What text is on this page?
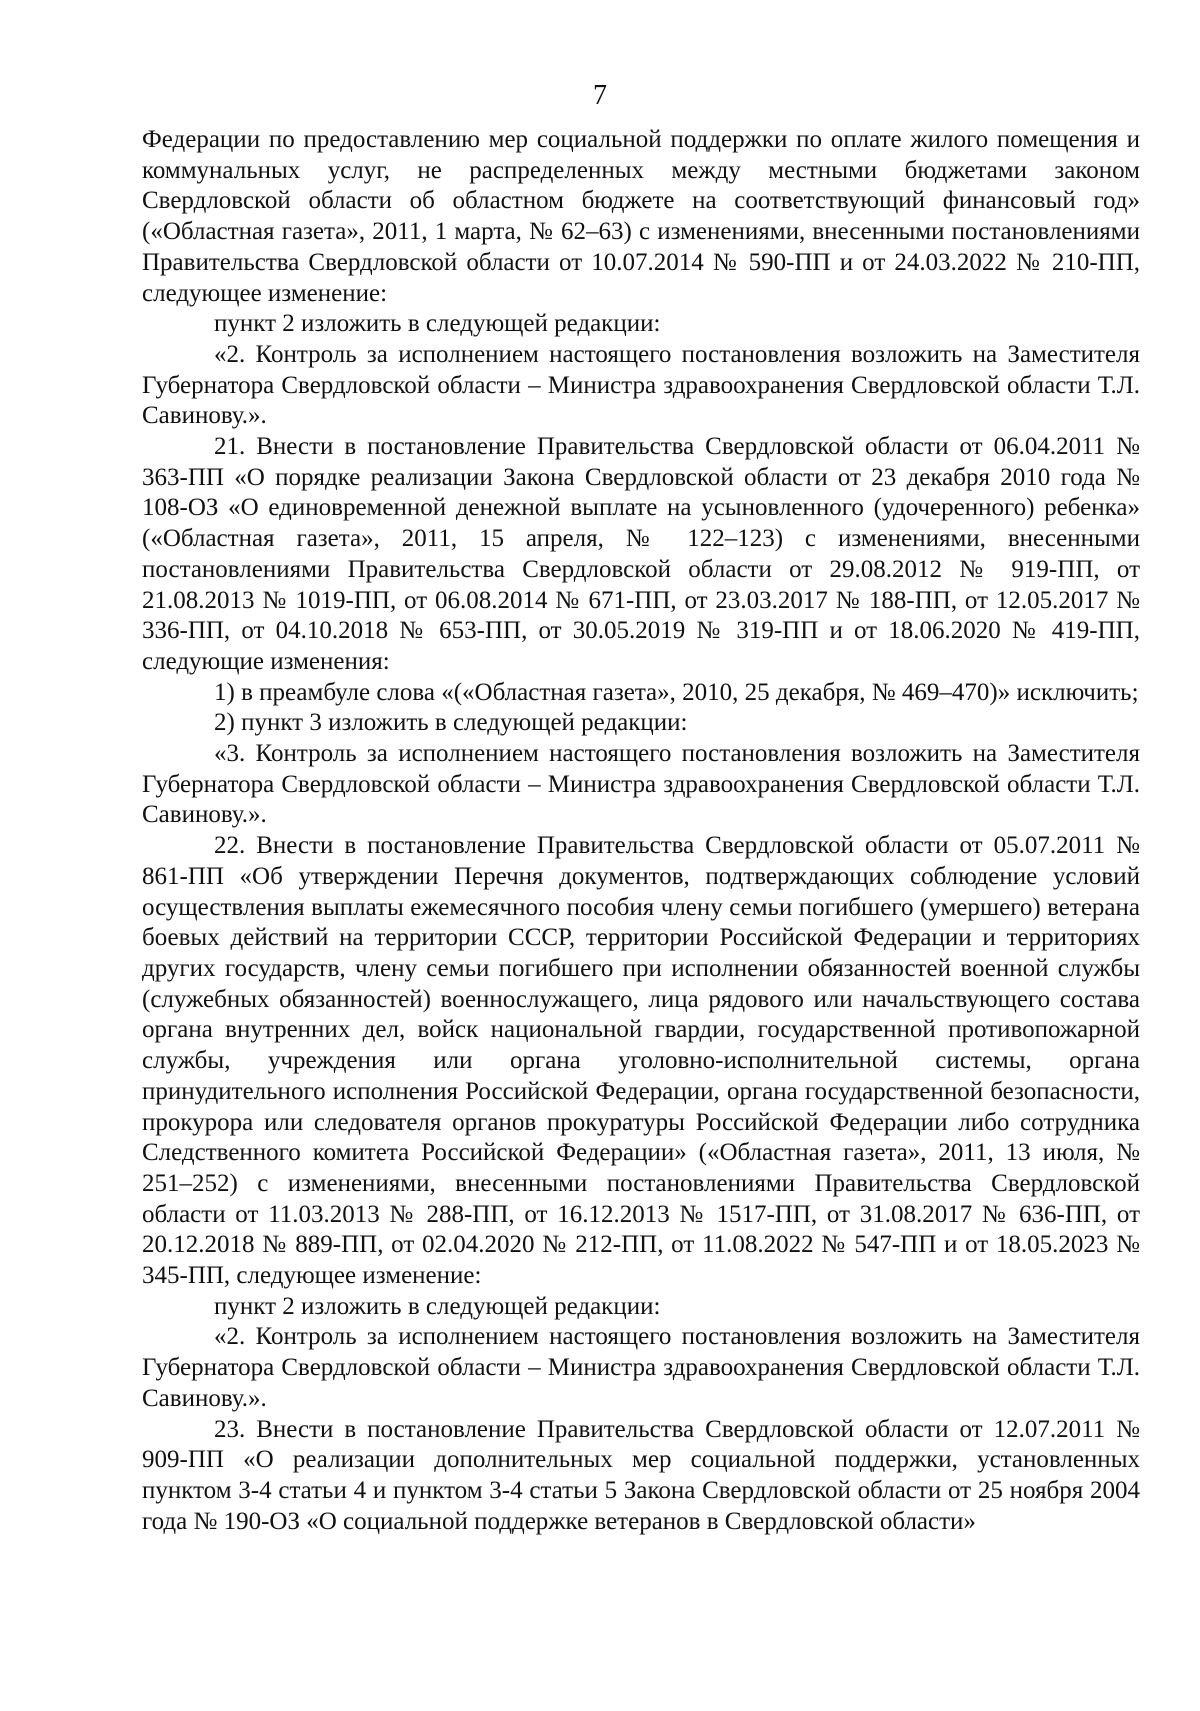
7

Федерации по предоставлению мер социальной поддержки по оплате жилого помещения и коммунальных услуг, не распределенных между местными бюджетами законом Свердловской области об областном бюджете на соответствующий финансовый год» («Областная газета», 2011, 1 марта, № 62–63) с изменениями, внесенными постановлениями Правительства Свердловской области от 10.07.2014 № 590-ПП и от 24.03.2022 № 210-ПП, следующее изменение:

пункт 2 изложить в следующей редакции:

«2. Контроль за исполнением настоящего постановления возложить на Заместителя Губернатора Свердловской области – Министра здравоохранения Свердловской области Т.Л. Савинову.».

21. Внести в постановление Правительства Свердловской области от 06.04.2011 № 363-ПП «О порядке реализации Закона Свердловской области от 23 декабря 2010 года № 108-ОЗ «О единовременной денежной выплате на усыновленного (удочеренного) ребенка» («Областная газета», 2011, 15 апреля, № 122–123) с изменениями, внесенными постановлениями Правительства Свердловской области от 29.08.2012 № 919-ПП, от 21.08.2013 № 1019-ПП, от 06.08.2014 № 671-ПП, от 23.03.2017 № 188-ПП, от 12.05.2017 № 336-ПП, от 04.10.2018 № 653-ПП, от 30.05.2019 № 319-ПП и от 18.06.2020 № 419-ПП, следующие изменения:

1) в преамбуле слова «(«Областная газета», 2010, 25 декабря, № 469–470)» исключить;

2) пункт 3 изложить в следующей редакции:

«3. Контроль за исполнением настоящего постановления возложить на Заместителя Губернатора Свердловской области – Министра здравоохранения Свердловской области Т.Л. Савинову.».

22. Внести в постановление Правительства Свердловской области от 05.07.2011 № 861-ПП «Об утверждении Перечня документов, подтверждающих соблюдение условий осуществления выплаты ежемесячного пособия члену семьи погибшего (умершего) ветерана боевых действий на территории СССР, территории Российской Федерации и территориях других государств, члену семьи погибшего при исполнении обязанностей военной службы (служебных обязанностей) военнослужащего, лица рядового или начальствующего состава органа внутренних дел, войск национальной гвардии, государственной противопожарной службы, учреждения или органа уголовно-исполнительной системы, органа принудительного исполнения Российской Федерации, органа государственной безопасности, прокурора или следователя органов прокуратуры Российской Федерации либо сотрудника Следственного комитета Российской Федерации» («Областная газета», 2011, 13 июля, № 251–252) с изменениями, внесенными постановлениями Правительства Свердловской области от 11.03.2013 № 288-ПП, от 16.12.2013 № 1517-ПП, от 31.08.2017 № 636-ПП, от 20.12.2018 № 889-ПП, от 02.04.2020 № 212-ПП, от 11.08.2022 № 547-ПП и от 18.05.2023 № 345-ПП, следующее изменение:

пункт 2 изложить в следующей редакции:

«2. Контроль за исполнением настоящего постановления возложить на Заместителя Губернатора Свердловской области – Министра здравоохранения Свердловской области Т.Л. Савинову.».

23. Внести в постановление Правительства Свердловской области от 12.07.2011 № 909-ПП «О реализации дополнительных мер социальной поддержки, установленных пунктом 3-4 статьи 4 и пунктом 3-4 статьи 5 Закона Свердловской области от 25 ноября 2004 года № 190-ОЗ «О социальной поддержке ветеранов в Свердловской области»
